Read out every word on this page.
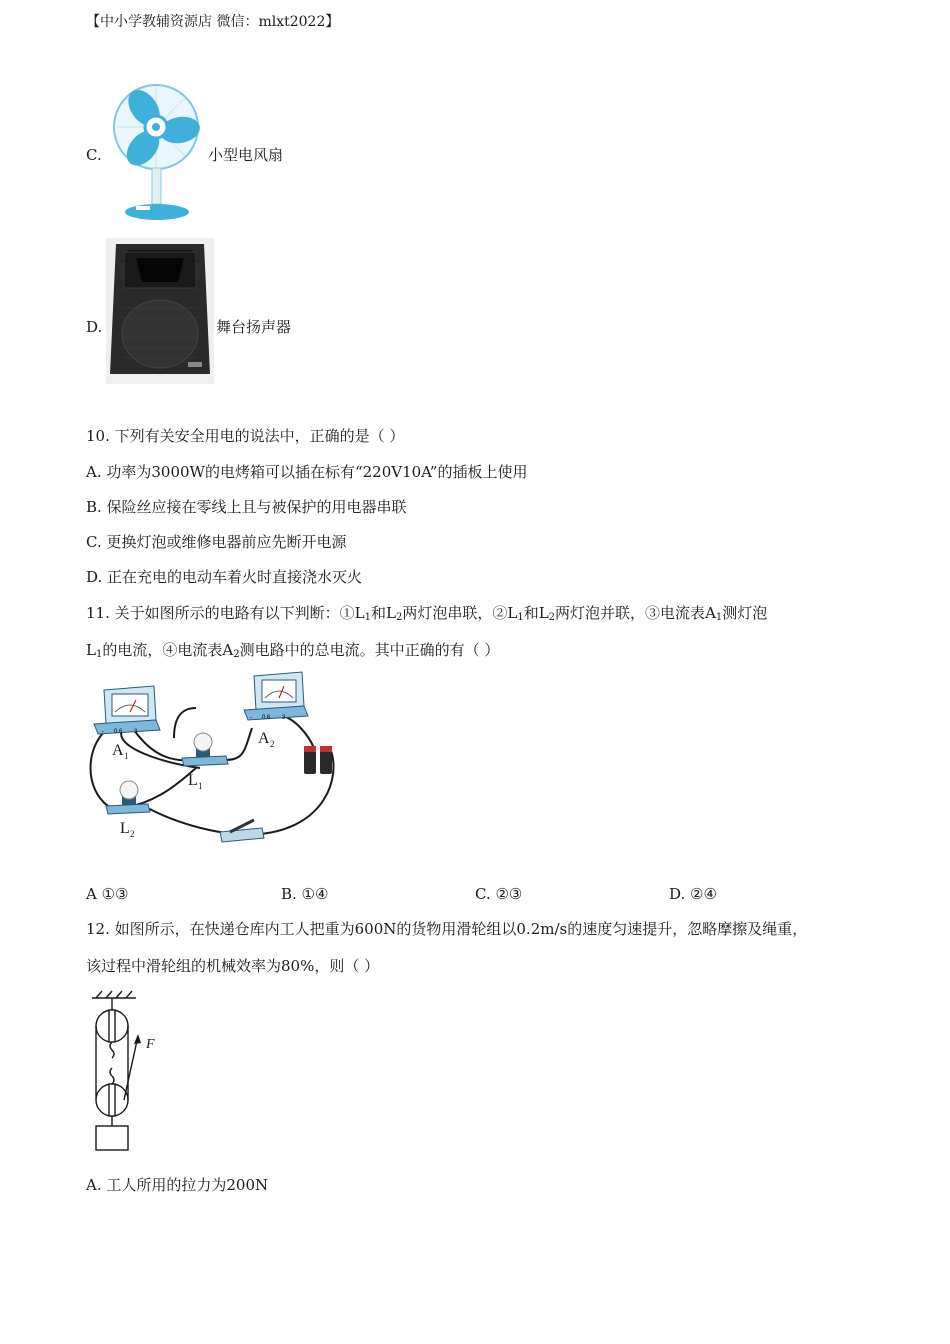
【中小学教辅资源店 微信：mlxt2022】
C.	小型电风扇
D.	舞台扬声器
10. 下列有关安全用电的说法中，正确的是（ ）
A. 功率为3000W的电烤箱可以插在标有“220V10A”的插板上使用
B. 保险丝应接在零线上且与被保护的用电器串联
C. 更换灯泡或维修电器前应先断开电源
D. 正在充电的电动车着火时直接浇水灭火
11. 关于如图所示的电路有以下判断：$①L_1$和$L_2$两灯泡串联，$②L_1$和$L_2$两灯泡并联，③电流表$A_1$测灯泡
$L_1$的电流，④电流表$A_2$测电路中的总电流。其中正确的有（ ）
- 0.6 3
- 0.6 3
A 1
A 2
L 1
L 2
A ①③	B. ①④	C. ②③	D. ②④
12. 如图所示，在快递仓库内工人把重为600N的货物用滑轮组以0.2m/s的速度匀速提升，忽略摩擦及绳重，
该过程中滑轮组的机械效率为80%，则（ ）
F
A. 工人所用的拉力为200N
